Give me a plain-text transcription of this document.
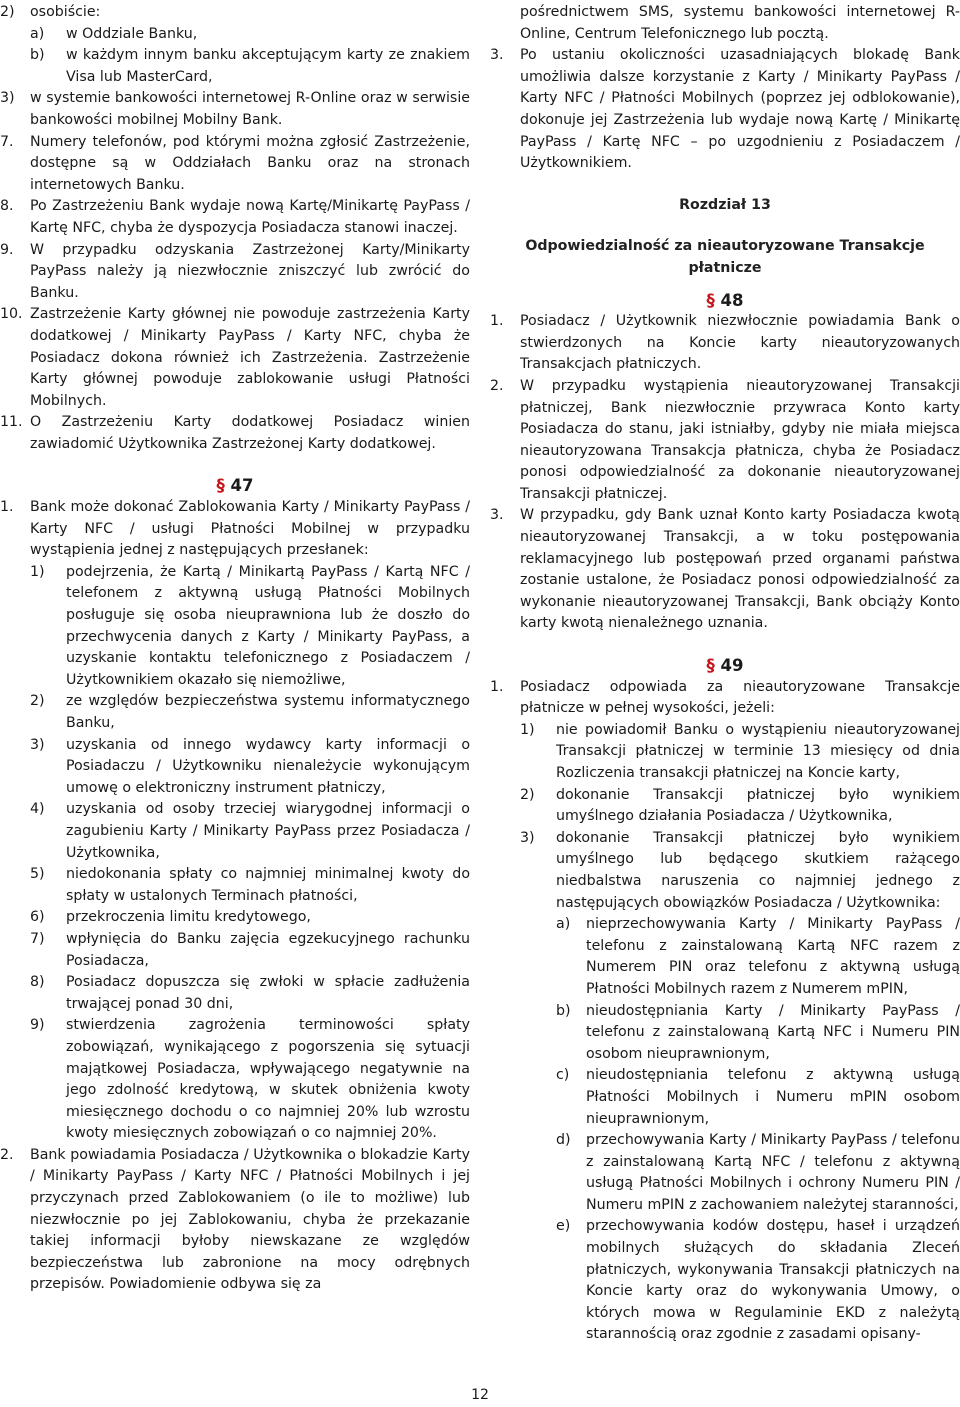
2)	osobiście:
a)	w Oddziale Banku,
b)	w każdym innym banku akceptującym karty ze znakiem Visa lub MasterCard,
3)	w systemie bankowości internetowej R-Online oraz w serwisie bankowości mobilnej Mobilny Bank.
7.	Numery telefonów, pod którymi można zgłosić Zastrzeżenie, dostępne są w Oddziałach Banku oraz na stronach internetowych Banku.
8.	Po Zastrzeżeniu Bank wydaje nową Kartę/Minikartę PayPass / Kartę NFC, chyba że dyspozycja Posiadacza stanowi inaczej.
9.	W przypadku odzyskania Zastrzeżonej Karty/Minikarty PayPass należy ją niezwłocznie zniszczyć lub zwrócić do Banku.
10. Zastrzeżenie Karty głównej nie powoduje zastrzeżenia Karty dodatkowej / Minikarty PayPass / Karty NFC, chyba że Posiadacz dokona również ich Zastrzeżenia. Zastrzeżenie Karty głównej powoduje zablokowanie usługi Płatności Mobilnych.
11. O Zastrzeżeniu Karty dodatkowej Posiadacz winien zawiadomić Użytkownika Zastrzeżonej Karty dodatkowej.
§ 47
1.	Bank może dokonać Zablokowania Karty / Minikarty PayPass / Karty NFC / usługi Płatności Mobilnej w przypadku wystąpienia jednej z następujących przesłanek:
1)	podejrzenia, że Kartą / Minikartą PayPass / Kartą NFC / telefonem z aktywną usługą Płatności Mobilnych posługuje się osoba nieuprawniona lub że doszło do przechwycenia danych z Karty / Minikarty PayPass, a uzyskanie kontaktu telefonicznego z Posiadaczem / Użytkownikiem okazało się niemożliwe,
2)	ze względów bezpieczeństwa systemu informatycznego Banku,
3)	uzyskania od innego wydawcy karty informacji o Posiadaczu / Użytkowniku nienależycie wykonującym umowę o elektroniczny instrument płatniczy,
4)	uzyskania od osoby trzeciej wiarygodnej informacji o zagubieniu Karty / Minikarty PayPass przez Posiadacza / Użytkownika,
5)	niedokonania spłaty co najmniej minimalnej kwoty do spłaty w ustalonych Terminach płatności,
6)	przekroczenia limitu kredytowego,
7)	wpłynięcia do Banku zajęcia egzekucyjnego rachunku Posiadacza,
8)	Posiadacz dopuszcza się zwłoki w spłacie zadłużenia trwającej ponad 30 dni,
9)	stwierdzenia zagrożenia terminowości spłaty zobowiązań, wynikającego z pogorszenia się sytuacji majątkowej Posiadacza, wpływającego negatywnie na jego zdolność kredytową, w skutek obniżenia kwoty miesięcznego dochodu o co najmniej 20% lub wzrostu kwoty miesięcznych zobowiązań o co najmniej 20%.
2.	Bank powiadamia Posiadacza / Użytkownika o blokadzie Karty / Minikarty PayPass / Karty NFC / Płatności Mobilnych i jej przyczynach przed Zablokowaniem (o ile to możliwe) lub niezwłocznie po jej Zablokowaniu, chyba że przekazanie takiej informacji byłoby niewskazane ze względów bezpieczeństwa lub zabronione na mocy odrębnych przepisów. Powiadomienie odbywa się za
pośrednictwem SMS, systemu bankowości internetowej R-Online, Centrum Telefonicznego lub pocztą.
3.	Po ustaniu okoliczności uzasadniających blokadę Bank umożliwia dalsze korzystanie z Karty / Minikarty PayPass / Karty NFC / Płatności Mobilnych (poprzez jej odblokowanie), dokonuje jej Zastrzeżenia lub wydaje nową Kartę / Minikartę PayPass / Kartę NFC – po uzgodnieniu z Posiadaczem / Użytkownikiem.
Rozdział 13
Odpowiedzialność za nieautoryzowane Transakcje płatnicze
§ 48
1.	Posiadacz / Użytkownik niezwłocznie powiadamia Bank o stwierdzonych na Koncie karty nieautoryzowanych Transakcjach płatniczych.
2.	W przypadku wystąpienia nieautoryzowanej Transakcji płatniczej, Bank niezwłocznie przywraca Konto karty Posiadacza do stanu, jaki istniałby, gdyby nie miała miejsca nieautoryzowana Transakcja płatnicza, chyba że Posiadacz ponosi odpowiedzialność za dokonanie nieautoryzowanej Transakcji płatniczej.
3.	W przypadku, gdy Bank uznał Konto karty Posiadacza kwotą nieautoryzowanej Transakcji, a w toku postępowania reklamacyjnego lub postępowań przed organami państwa zostanie ustalone, że Posiadacz ponosi odpowiedzialność za wykonanie nieautoryzowanej Transakcji, Bank obciąży Konto karty kwotą nienależnego uznania.
§ 49
1.	Posiadacz odpowiada za nieautoryzowane Transakcje płatnicze w pełnej wysokości, jeżeli:
1)	nie powiadomił Banku o wystąpieniu nieautoryzowanej Transakcji płatniczej w terminie 13 miesięcy od dnia Rozliczenia transakcji płatniczej na Koncie karty,
2)	dokonanie Transakcji płatniczej było wynikiem umyślnego działania Posiadacza / Użytkownika,
3)	dokonanie Transakcji płatniczej było wynikiem umyślnego lub będącego skutkiem rażącego niedbalstwa naruszenia co najmniej jednego z następujących obowiązków Posiadacza / Użytkownika:
a)	nieprzechowywania Karty / Minikarty PayPass / telefonu z zainstalowaną Kartą NFC razem z Numerem PIN oraz telefonu z aktywną usługą Płatności Mobilnych razem z Numerem mPIN,
b)	nieudostępniania Karty / Minikarty PayPass / telefonu z zainstalowaną Kartą NFC i Numeru PIN osobom nieuprawnionym,
c)	nieudostępniania telefonu z aktywną usługą Płatności Mobilnych i Numeru mPIN osobom nieuprawnionym,
d)	przechowywania Karty / Minikarty PayPass / telefonu z zainstalowaną Kartą NFC / telefonu z aktywną usługą Płatności Mobilnych i ochrony Numeru PIN / Numeru mPIN z zachowaniem należytej staranności,
e)	przechowywania kodów dostępu, haseł i urządzeń mobilnych służących do składania Zleceń płatniczych, wykonywania Transakcji płatniczych na Koncie karty oraz do wykonywania Umowy, o których mowa w Regulaminie EKD z należytą starannością oraz zgodnie z zasadami opisany-
12
